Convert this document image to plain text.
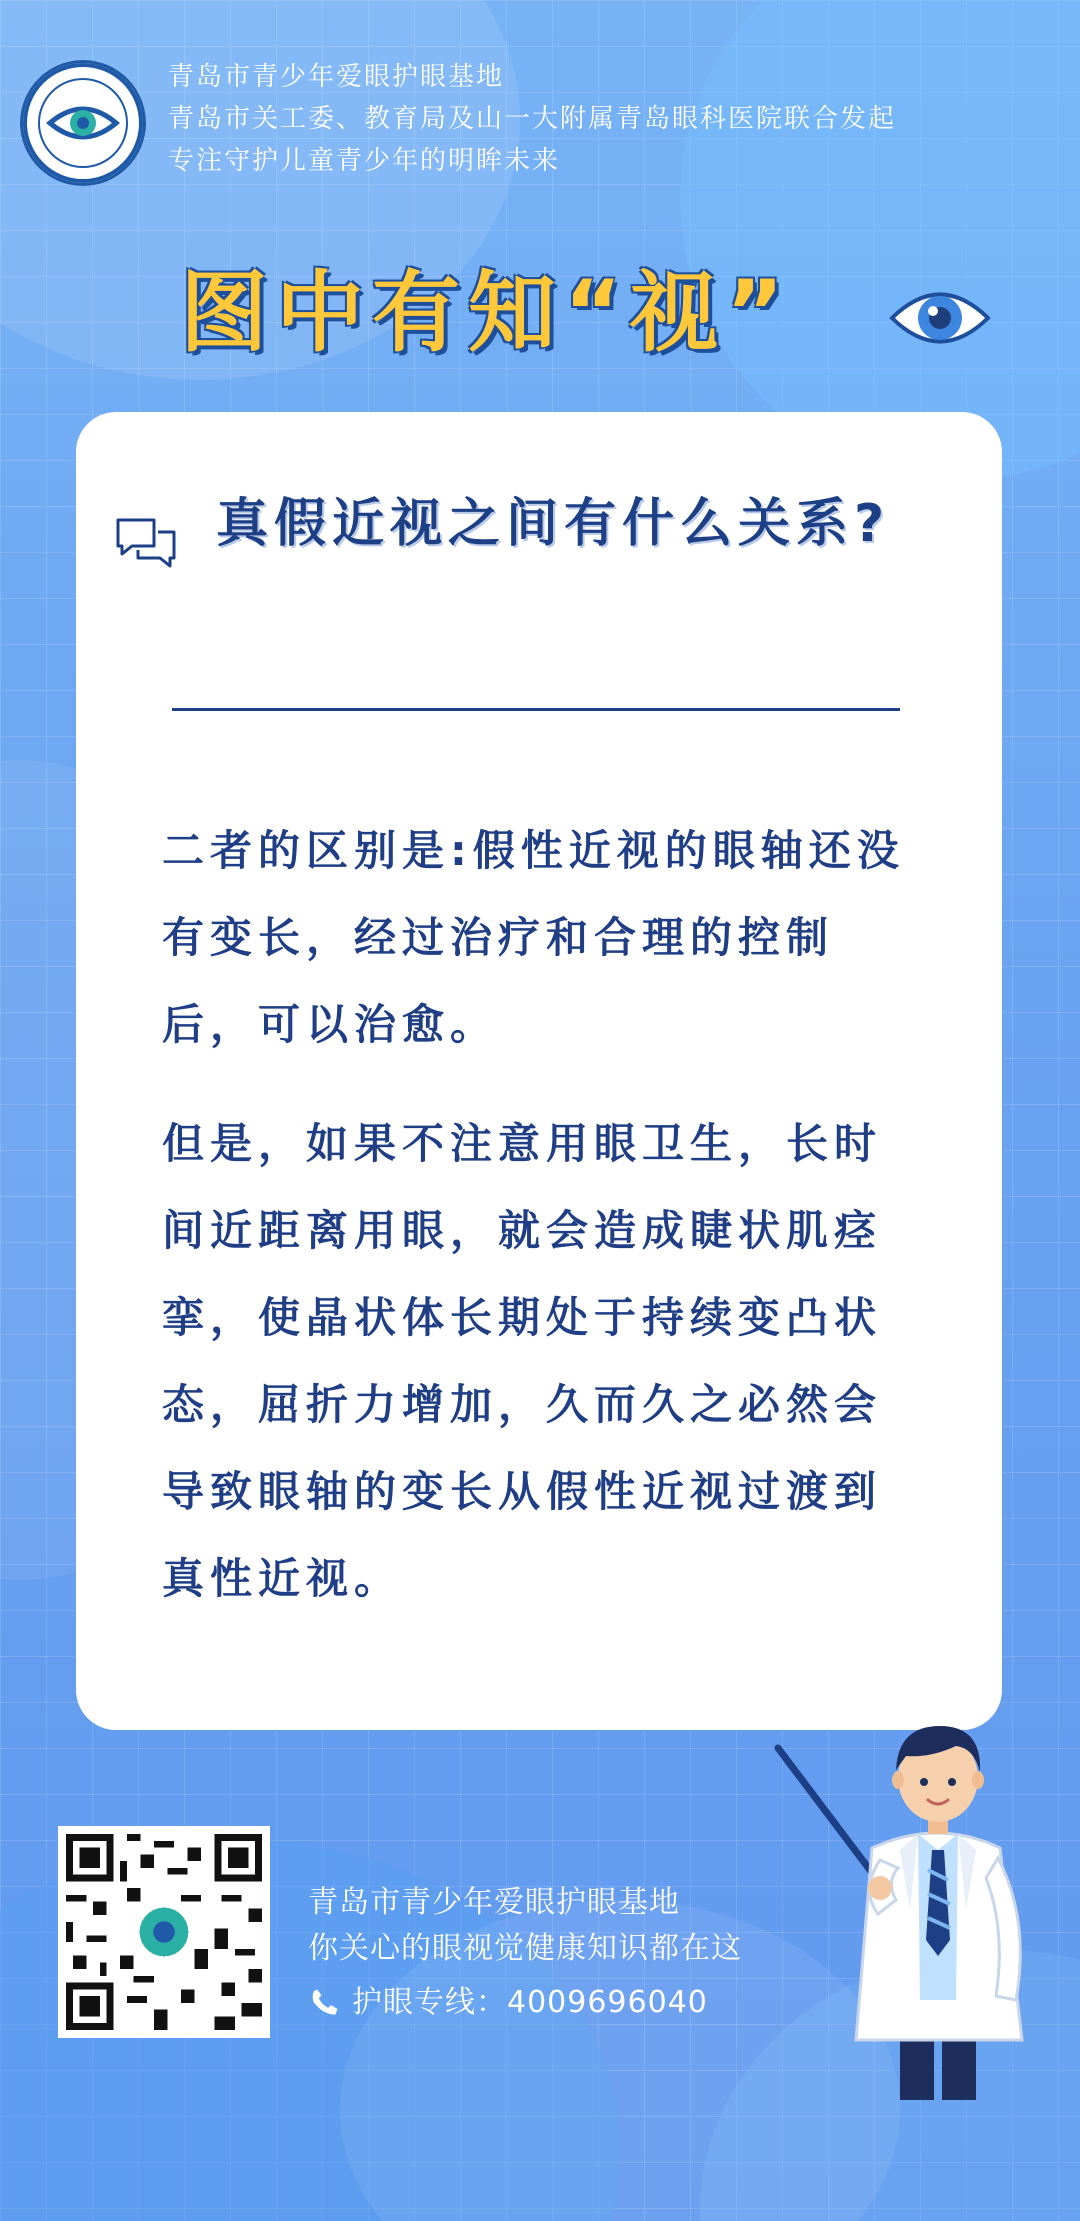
青岛市青少年爱眼护眼基地
青岛市关工委、教育局及山一大附属青岛眼科医院联合发起
专注守护儿童青少年的明眸未来
图中有知“视”
真假近视之间有什么关系?

二者的区别是:假性近视的眼轴还没有变长，经过治疗和合理的控制后，可以治愈。

但是，如果不注意用眼卫生，长时间近距离用眼，就会造成睫状肌痉挛，使晶状体长期处于持续变凸状态，屈折力增加，久而久之必然会导致眼轴的变长从假性近视过渡到真性近视。

青岛市青少年爱眼护眼基地
你关心的眼视觉健康知识都在这
护眼专线： 4009696040
